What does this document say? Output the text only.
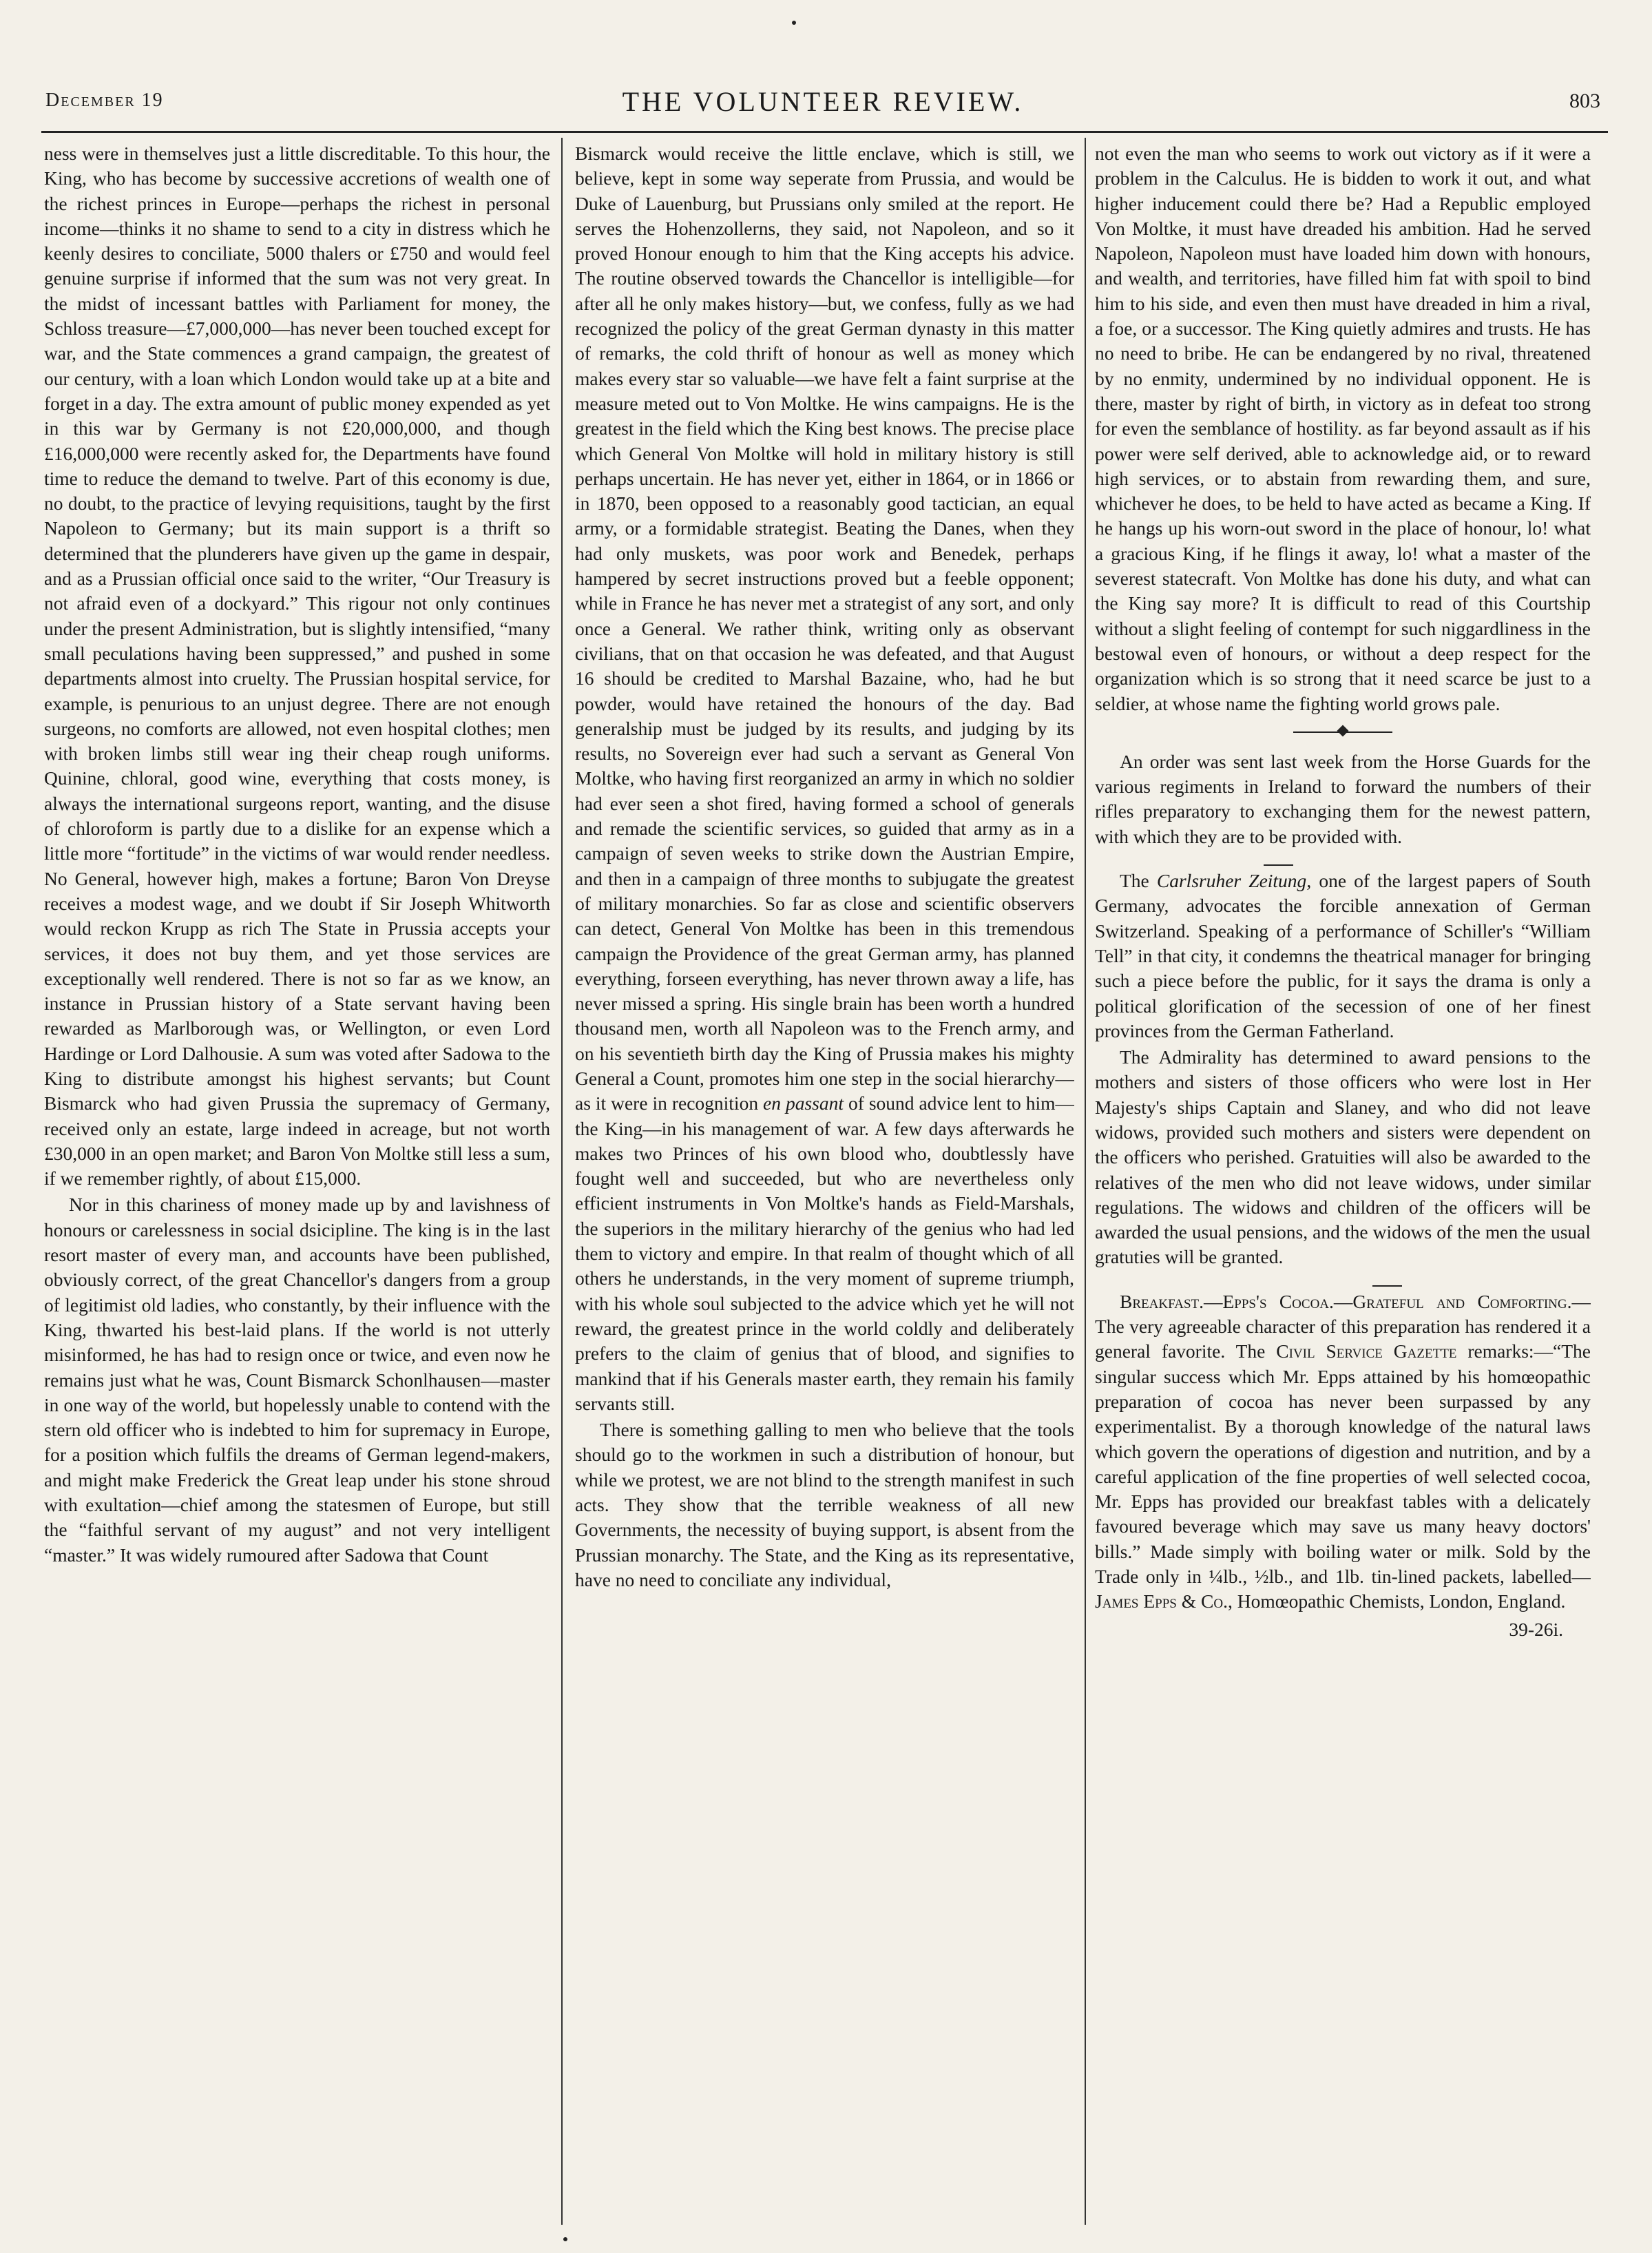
December 19	THE VOLUNTEER REVIEW.	803

ness were in themselves just a little discreditable. To this hour, the King, who has become by successive accretions of wealth one of the richest princes in Europe—perhaps the richest in personal income—thinks it no shame to send to a city in distress which he keenly desires to conciliate, 5000 thalers or £750 and would feel genuine surprise if informed that the sum was not very great. In the midst of incessant battles with Parliament for money, the Schloss treasure—£7,000,000—has never been touched except for war, and the State commences a grand campaign, the greatest of our century, with a loan which London would take up at a bite and forget in a day. The extra amount of public money expended as yet in this war by Germany is not £20,000,000, and though £16,000,000 were recently asked for, the Departments have found time to reduce the demand to twelve. Part of this economy is due, no doubt, to the practice of levying requisitions, taught by the first Napoleon to Germany; but its main support is a thrift so determined that the plunderers have given up the game in despair, and as a Prussian official once said to the writer, “Our Treasury is not afraid even of a dockyard.” This rigour not only continues under the present Administration, but is slightly intensified, “many small peculations having been suppressed,” and pushed in some departments almost into cruelty. The Prussian hospital service, for example, is penurious to an unjust degree. There are not enough surgeons, no comforts are allowed, not even hospital clothes; men with broken limbs still wear ing their cheap rough uniforms. Quinine, chloral, good wine, everything that costs money, is always the international surgeons report, wanting, and the disuse of chloroform is partly due to a dislike for an expense which a little more “fortitude” in the victims of war would render needless. No General, however high, makes a fortune; Baron Von Dreyse receives a modest wage, and we doubt if Sir Joseph Whitworth would reckon Krupp as rich The State in Prussia accepts your services, it does not buy them, and yet those services are exceptionally well rendered. There is not so far as we know, an instance in Prussian history of a State servant having been rewarded as Marlborough was, or Wellington, or even Lord Hardinge or Lord Dalhousie. A sum was voted after Sadowa to the King to distribute amongst his highest servants; but Count Bismarck who had given Prussia the supremacy of Germany, received only an estate, large indeed in acreage, but not worth £30,000 in an open market; and Baron Von Moltke still less a sum, if we remember rightly, of about £15,000.

Nor in this chariness of money made up by and lavishness of honours or carelessness in social dsicipline. The king is in the last resort master of every man, and accounts have been published, obviously correct, of the great Chancellor's dangers from a group of legitimist old ladies, who constantly, by their influence with the King, thwarted his best-laid plans. If the world is not utterly misinformed, he has had to resign once or twice, and even now he remains just what he was, Count Bismarck Schonlhausen—master in one way of the world, but hopelessly unable to contend with the stern old officer who is indebted to him for supremacy in Europe, for a position which fulfils the dreams of German legend-makers, and might make Frederick the Great leap under his stone shroud with exultation—chief among the statesmen of Europe, but still the “faithful servant of my august” and not very intelligent “master.” It was widely rumoured after Sadowa that Count

Bismarck would receive the little enclave, which is still, we believe, kept in some way seperate from Prussia, and would be Duke of Lauenburg, but Prussians only smiled at the report. He serves the Hohenzollerns, they said, not Napoleon, and so it proved Honour enough to him that the King accepts his advice. The routine observed towards the Chancellor is intelligible—for after all he only makes history—but, we confess, fully as we had recognized the policy of the great German dynasty in this matter of remarks, the cold thrift of honour as well as money which makes every star so valuable—we have felt a faint surprise at the measure meted out to Von Moltke. He wins campaigns. He is the greatest in the field which the King best knows. The precise place which General Von Moltke will hold in military history is still perhaps uncertain. He has never yet, either in 1864, or in 1866 or in 1870, been opposed to a reasonably good tactician, an equal army, or a formidable strategist. Beating the Danes, when they had only muskets, was poor work and Benedek, perhaps hampered by secret instructions proved but a feeble opponent; while in France he has never met a strategist of any sort, and only once a General. We rather think, writing only as observant civilians, that on that occasion he was defeated, and that August 16 should be credited to Marshal Bazaine, who, had he but powder, would have retained the honours of the day. Bad generalship must be judged by its results, and judging by its results, no Sovereign ever had such a servant as General Von Moltke, who having first reorganized an army in which no soldier had ever seen a shot fired, having formed a school of generals and remade the scientific services, so guided that army as in a campaign of seven weeks to strike down the Austrian Empire, and then in a campaign of three months to subjugate the greatest of military monarchies. So far as close and scientific observers can detect, General Von Moltke has been in this tremendous campaign the Providence of the great German army, has planned everything, forseen everything, has never thrown away a life, has never missed a spring. His single brain has been worth a hundred thousand men, worth all Napoleon was to the French army, and on his seventieth birth day the King of Prussia makes his mighty General a Count, promotes him one step in the social hierarchy—as it were in recognition en passant of sound advice lent to him—the King—in his management of war. A few days afterwards he makes two Princes of his own blood who, doubtlessly have fought well and succeeded, but who are nevertheless only efficient instruments in Von Moltke's hands as Field-Marshals, the superiors in the military hierarchy of the genius who had led them to victory and empire. In that realm of thought which of all others he understands, in the very moment of supreme triumph, with his whole soul subjected to the advice which yet he will not reward, the greatest prince in the world coldly and deliberately prefers to the claim of genius that of blood, and signifies to mankind that if his Generals master earth, they remain his family servants still.

There is something galling to men who believe that the tools should go to the workmen in such a distribution of honour, but while we protest, we are not blind to the strength manifest in such acts. They show that the terrible weakness of all new Governments, the necessity of buying support, is absent from the Prussian monarchy. The State, and the King as its representative, have no need to conciliate any individual,

not even the man who seems to work out victory as if it were a problem in the Calculus. He is bidden to work it out, and what higher inducement could there be? Had a Republic employed Von Moltke, it must have dreaded his ambition. Had he served Napoleon, Napoleon must have loaded him down with honours, and wealth, and territories, have filled him fat with spoil to bind him to his side, and even then must have dreaded in him a rival, a foe, or a successor. The King quietly admires and trusts. He has no need to bribe. He can be endangered by no rival, threatened by no enmity, undermined by no individual opponent. He is there, master by right of birth, in victory as in defeat too strong for even the semblance of hostility. as far beyond assault as if his power were self derived, able to acknowledge aid, or to reward high services, or to abstain from rewarding them, and sure, whichever he does, to be held to have acted as became a King. If he hangs up his worn-out sword in the place of honour, lo! what a gracious King, if he flings it away, lo! what a master of the severest statecraft. Von Moltke has done his duty, and what can the King say more? It is difficult to read of this Courtship without a slight feeling of contempt for such niggardliness in the bestowal even of honours, or without a deep respect for the organization which is so strong that it need scarce be just to a seldier, at whose name the fighting world grows pale.

An order was sent last week from the Horse Guards for the various regiments in Ireland to forward the numbers of their rifles preparatory to exchanging them for the newest pattern, with which they are to be provided with.

The Carlsruher Zeitung, one of the largest papers of South Germany, advocates the forcible annexation of German Switzerland. Speaking of a performance of Schiller's “William Tell” in that city, it condemns the theatrical manager for bringing such a piece before the public, for it says the drama is only a political glorification of the secession of one of her finest provinces from the German Fatherland.

The Admirality has determined to award pensions to the mothers and sisters of those officers who were lost in Her Majesty's ships Captain and Slaney, and who did not leave widows, provided such mothers and sisters were dependent on the officers who perished. Gratuities will also be awarded to the relatives of the men who did not leave widows, under similar regulations. The widows and children of the officers will be awarded the usual pensions, and the widows of the men the usual gratuties will be granted.

Breakfast.—Epps's Cocoa.—Grateful and Comforting.—The very agreeable character of this preparation has rendered it a general favorite. The Civil Service Gazette remarks:—“The singular success which Mr. Epps attained by his homœopathic preparation of cocoa has never been surpassed by any experimentalist. By a thorough knowledge of the natural laws which govern the operations of digestion and nutrition, and by a careful application of the fine properties of well selected cocoa, Mr. Epps has provided our breakfast tables with a delicately favoured beverage which may save us many heavy doctors' bills.” Made simply with boiling water or milk. Sold by the Trade only in ¼lb., ½lb., and 1lb. tin-lined packets, labelled—James Epps & Co., Homœopathic Chemists, London, England.

39-26i.
